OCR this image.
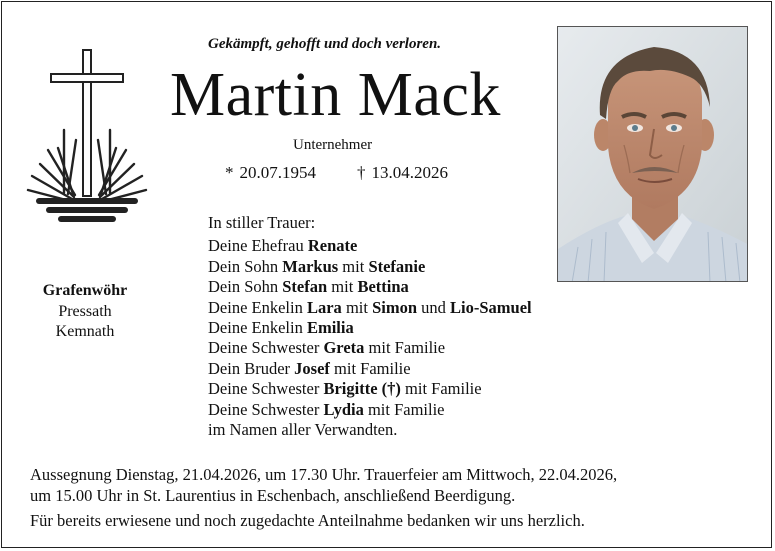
Gekämpft, gehofft und doch verloren.
Martin Mack
Unternehmer
* 20.07.1954 † 13.04.2026
Grafenwöhr
Pressath
Kemnath
In stiller Trauer:
Deine Ehefrau Renate
Dein Sohn Markus mit Stefanie
Dein Sohn Stefan mit Bettina
Deine Enkelin Lara mit Simon und Lio-Samuel
Deine Enkelin Emilia
Deine Schwester Greta mit Familie
Dein Bruder Josef mit Familie
Deine Schwester Brigitte (†) mit Familie
Deine Schwester Lydia mit Familie
im Namen aller Verwandten.
Aussegnung Dienstag, 21.04.2026, um 17.30 Uhr. Trauerfeier am Mittwoch, 22.04.2026,
um 15.00 Uhr in St. Laurentius in Eschenbach, anschließend Beerdigung.
Für bereits erwiesene und noch zugedachte Anteilnahme bedanken wir uns herzlich.
